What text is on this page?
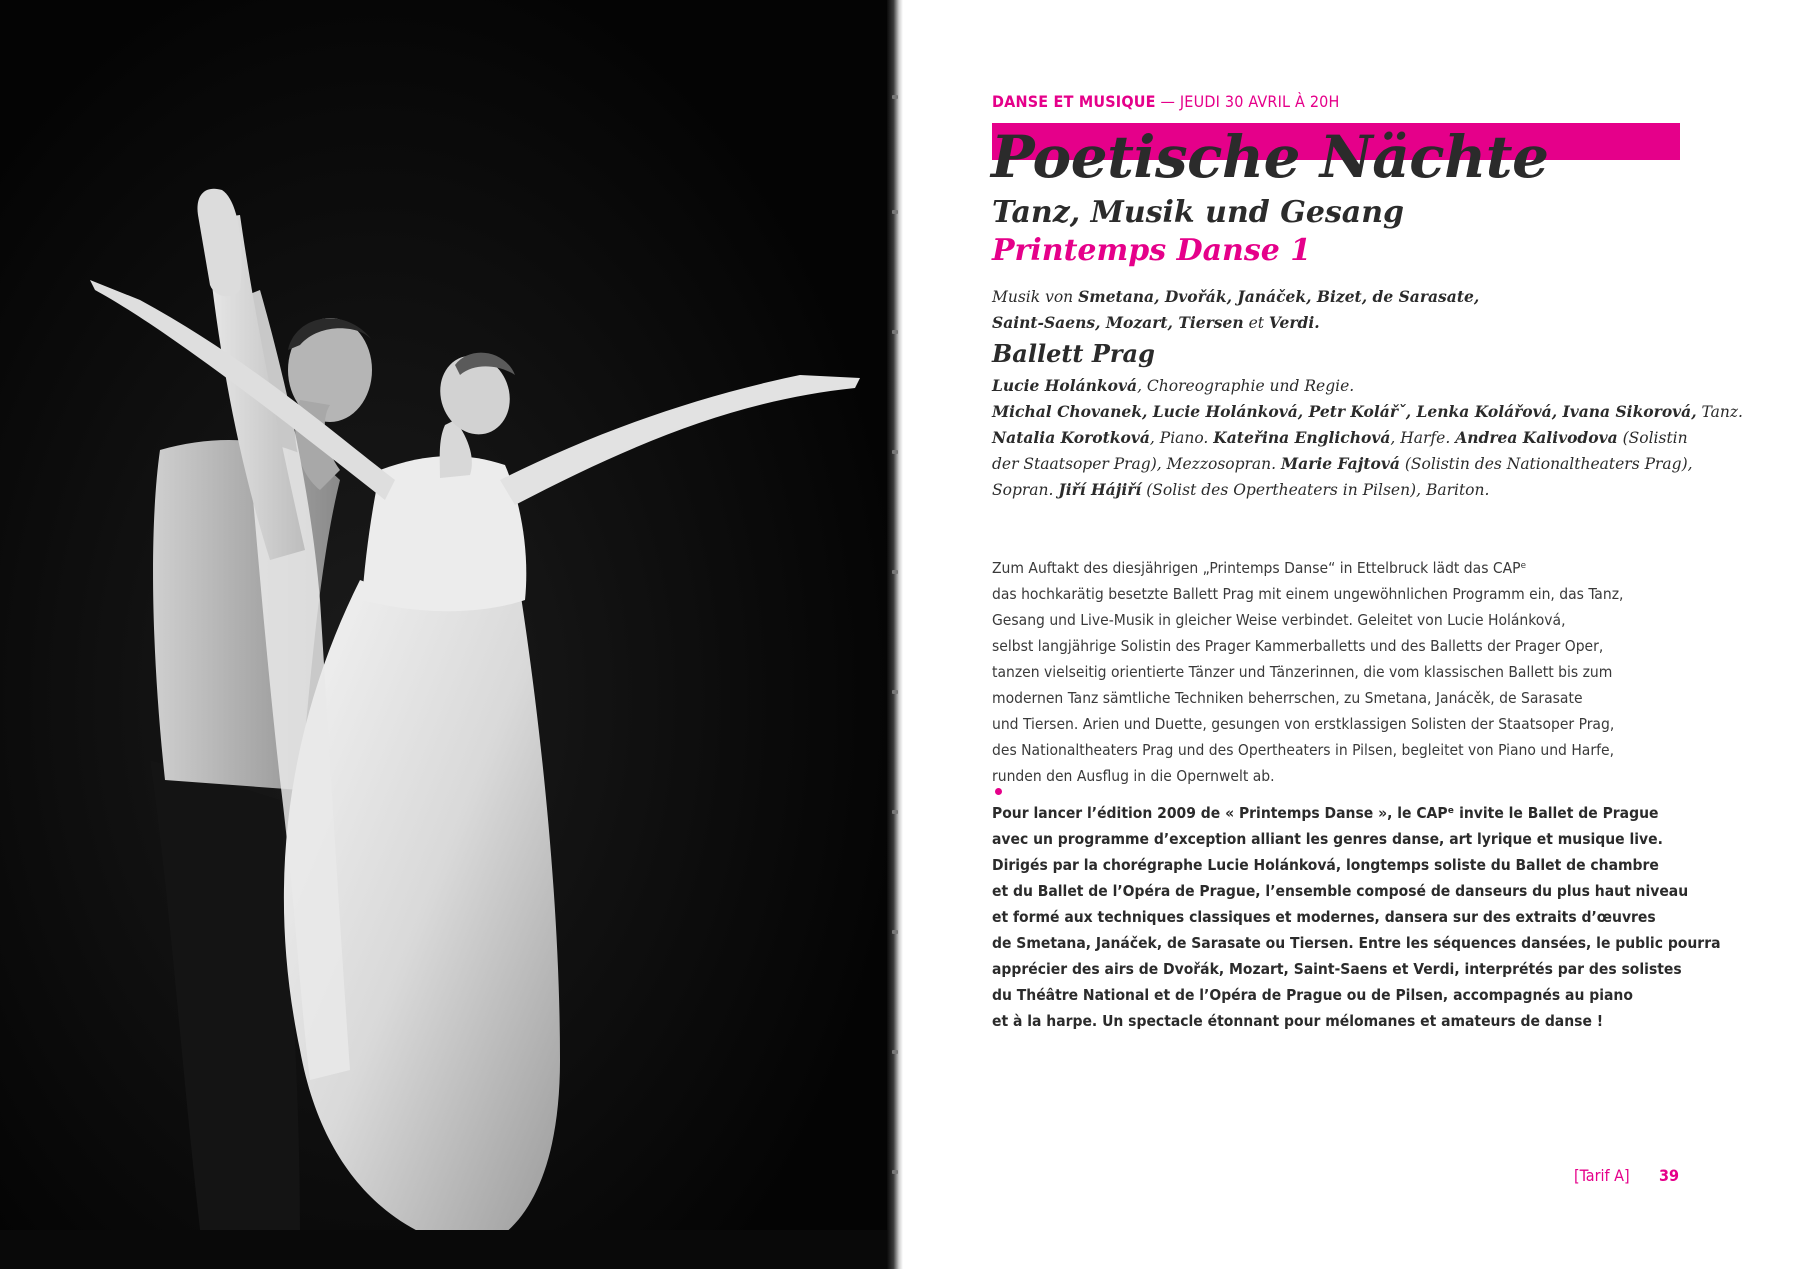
DANSE ET MUSIQUE — JEUDI 30 AVRIL À 20H
Poetische Nächte
Tanz, Musik und Gesang
Printemps Danse 1

Musik von Smetana, Dvořák, Janáček, Bizet, de Sarasate,
Saint-Saens, Mozart, Tiersen et Verdi.

Ballett Prag

Lucie Holánková, Choreographie und Regie.
Michal Chovanek, Lucie Holánková, Petr Kolářˇ, Lenka Kolářová, Ivana Sikorová, Tanz.
Natalia Korotková, Piano. Kateřina Englichová, Harfe. Andrea Kalivodova (Solistin
der Staatsoper Prag), Mezzosopran. Marie Fajtová (Solistin des Nationaltheaters Prag),
Sopran. Jiří Hájiří (Solist des Opertheaters in Pilsen), Bariton.

Zum Auftakt des diesjährigen „Printemps Danse“ in Ettelbruck lädt das CAPᵉ
das hochkarätig besetzte Ballett Prag mit einem ungewöhnlichen Programm ein, das Tanz,
Gesang und Live-Musik in gleicher Weise verbindet. Geleitet von Lucie Holánková,
selbst langjährige Solistin des Prager Kammerballetts und des Balletts der Prager Oper,
tanzen vielseitig orientierte Tänzer und Tänzerinnen, die vom klassischen Ballett bis zum
modernen Tanz sämtliche Techniken beherrschen, zu Smetana, Janácěk, de Sarasate
und Tiersen. Arien und Duette, gesungen von erstklassigen Solisten der Staatsoper Prag,
des Nationaltheaters Prag und des Opertheaters in Pilsen, begleitet von Piano und Harfe,
runden den Ausflug in die Opernwelt ab.

Pour lancer l’édition 2009 de « Printemps Danse », le CAPᵉ invite le Ballet de Prague
avec un programme d’exception alliant les genres danse, art lyrique et musique live.
Dirigés par la chorégraphe Lucie Holánková, longtemps soliste du Ballet de chambre
et du Ballet de l’Opéra de Prague, l’ensemble composé de danseurs du plus haut niveau
et formé aux techniques classiques et modernes, dansera sur des extraits d’œuvres
de Smetana, Janáček, de Sarasate ou Tiersen. Entre les séquences dansées, le public pourra
apprécier des airs de Dvořák, Mozart, Saint-Saens et Verdi, interprétés par des solistes
du Théâtre National et de l’Opéra de Prague ou de Pilsen, accompagnés au piano
et à la harpe. Un spectacle étonnant pour mélomanes et amateurs de danse !

[Tarif A] 39
